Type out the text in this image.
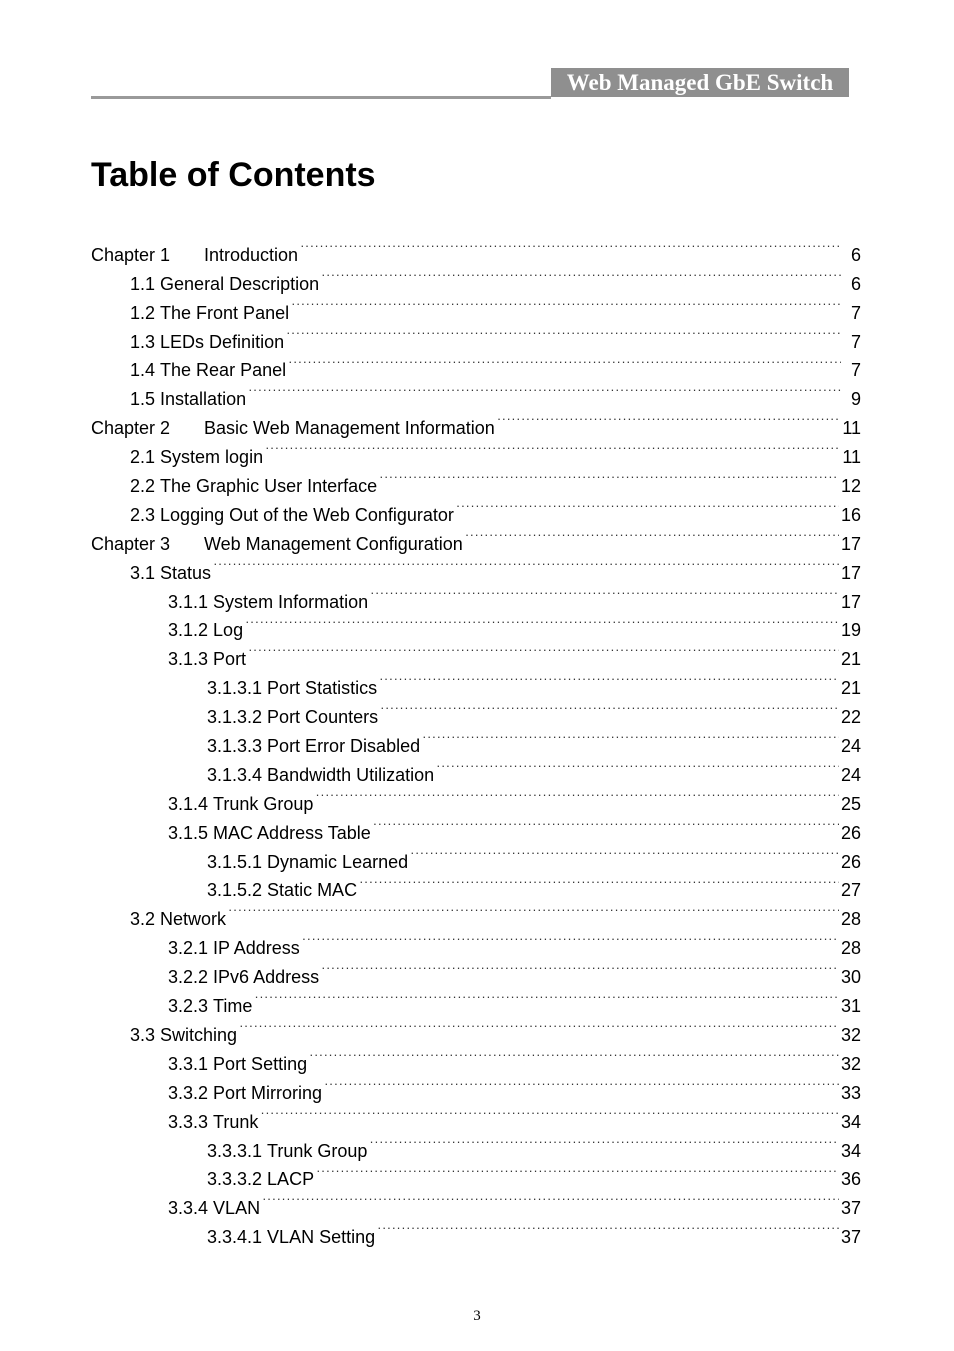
Web Managed GbE Switch
Table of Contents
Chapter 1	Introduction ·····	6
1.1 General Description ·····	6
1.2 The Front Panel ·····	7
1.3 LEDs Definition ·····	7
1.4 The Rear Panel ·····	7
1.5 Installation ·····	9
Chapter 2	Basic Web Management Information ·····	11
2.1 System login ·····	11
2.2 The Graphic User Interface ·····	12
2.3 Logging Out of the Web Configurator ·····	16
Chapter 3	Web Management Configuration ·····	17
3.1 Status ·····	17
3.1.1 System Information ·····	17
3.1.2 Log ·····	19
3.1.3 Port ·····	21
3.1.3.1 Port Statistics ·····	21
3.1.3.2 Port Counters ·····	22
3.1.3.3 Port Error Disabled ·····	24
3.1.3.4 Bandwidth Utilization ·····	24
3.1.4 Trunk Group ·····	25
3.1.5 MAC Address Table ·····	26
3.1.5.1 Dynamic Learned ·····	26
3.1.5.2 Static MAC ·····	27
3.2 Network ·····	28
3.2.1 IP Address ·····	28
3.2.2 IPv6 Address ·····	30
3.2.3 Time ·····	31
3.3 Switching ·····	32
3.3.1 Port Setting ·····	32
3.3.2 Port Mirroring ·····	33
3.3.3 Trunk ·····	34
3.3.3.1 Trunk Group ·····	34
3.3.3.2 LACP ·····	36
3.3.4 VLAN ·····	37
3.3.4.1 VLAN Setting ·····	37
3
